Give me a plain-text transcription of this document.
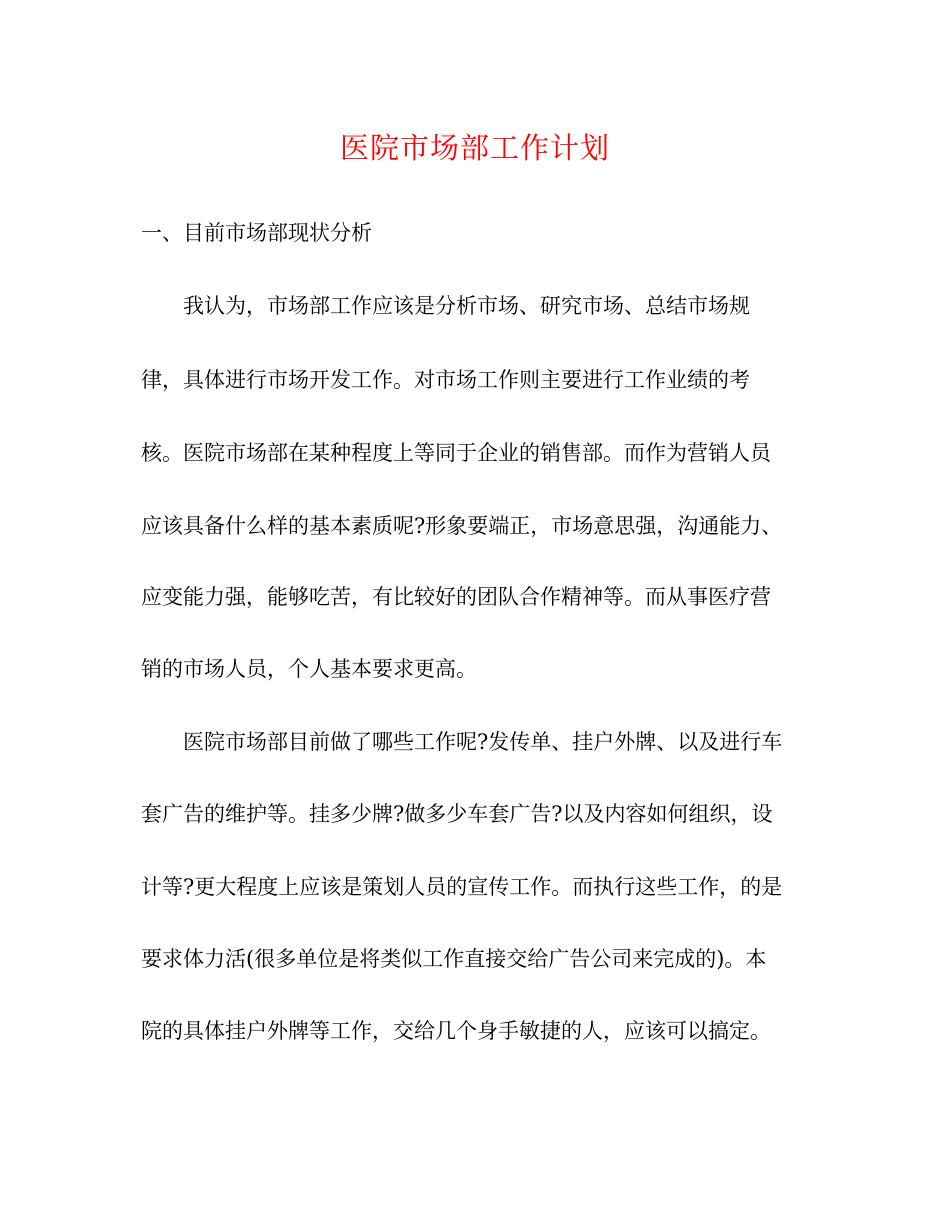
医院市场部工作计划
一、目前市场部现状分析
我认为，市场部工作应该是分析市场、研究市场、总结市场规
律，具体进行市场开发工作。对市场工作则主要进行工作业绩的考
核。医院市场部在某种程度上等同于企业的销售部。而作为营销人员
应该具备什么样的基本素质呢?形象要端正，市场意思强，沟通能力、
应变能力强，能够吃苦，有比较好的团队合作精神等。而从事医疗营
销的市场人员，个人基本要求更高。
医院市场部目前做了哪些工作呢?发传单、挂户外牌、以及进行车
套广告的维护等。挂多少牌?做多少车套广告?以及内容如何组织，设
计等?更大程度上应该是策划人员的宣传工作。而执行这些工作，的是
要求体力活(很多单位是将类似工作直接交给广告公司来完成的)。本
院的具体挂户外牌等工作，交给几个身手敏捷的人，应该可以搞定。
